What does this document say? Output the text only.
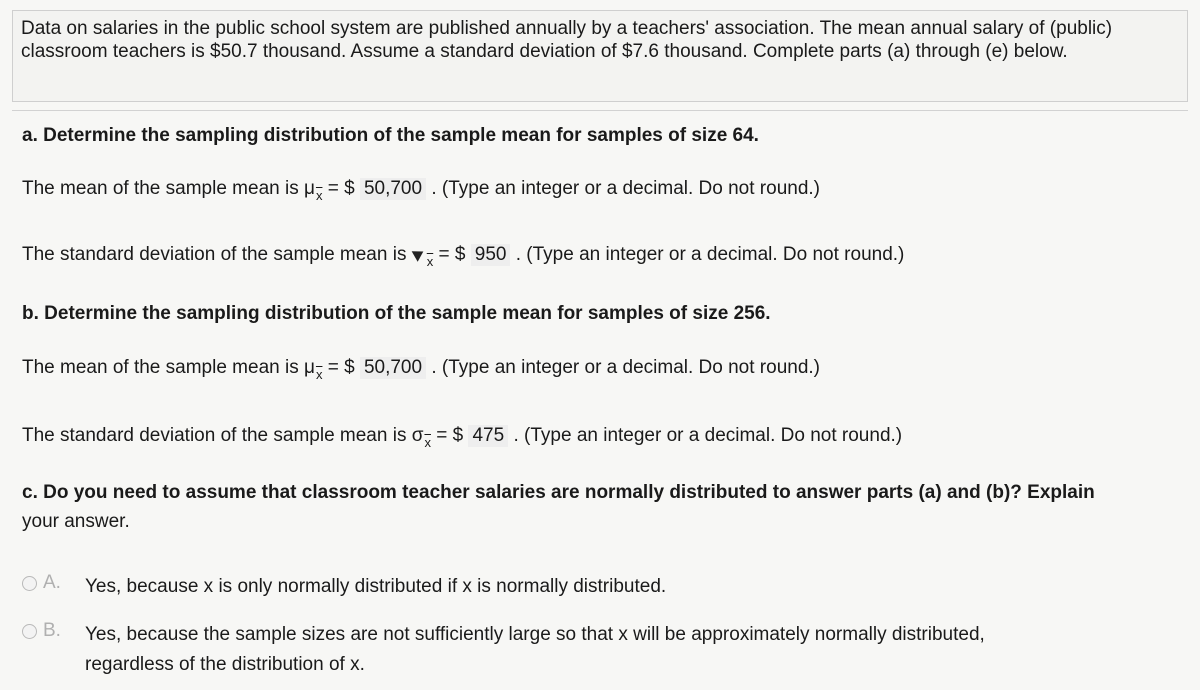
Data on salaries in the public school system are published annually by a teachers' association. The mean annual salary of (public) classroom teachers is $50.7 thousand. Assume a standard deviation of $7.6 thousand. Complete parts (a) through (e) below.
a. Determine the sampling distribution of the sample mean for samples of size 64.
The mean of the sample mean is $\mu_{\overline{x}}$ = $ 50,700 . (Type an integer or a decimal. Do not round.)
The standard deviation of the sample mean is $_{\overline{x}}$ = $ 950 . (Type an integer or a decimal. Do not round.)
b. Determine the sampling distribution of the sample mean for samples of size 256.
The mean of the sample mean is $\mu_{\overline{x}}$ = $ 50,700 . (Type an integer or a decimal. Do not round.)
The standard deviation of the sample mean is $\sigma_{\overline{x}}$ = $ 475 . (Type an integer or a decimal. Do not round.)
c. Do you need to assume that classroom teacher salaries are normally distributed to answer parts (a) and (b)? Explain
your answer.
A.	Yes, because x is only normally distributed if x is normally distributed.
B.	Yes, because the sample sizes are not sufficiently large so that x will be approximately normally distributed,
regardless of the distribution of x.
